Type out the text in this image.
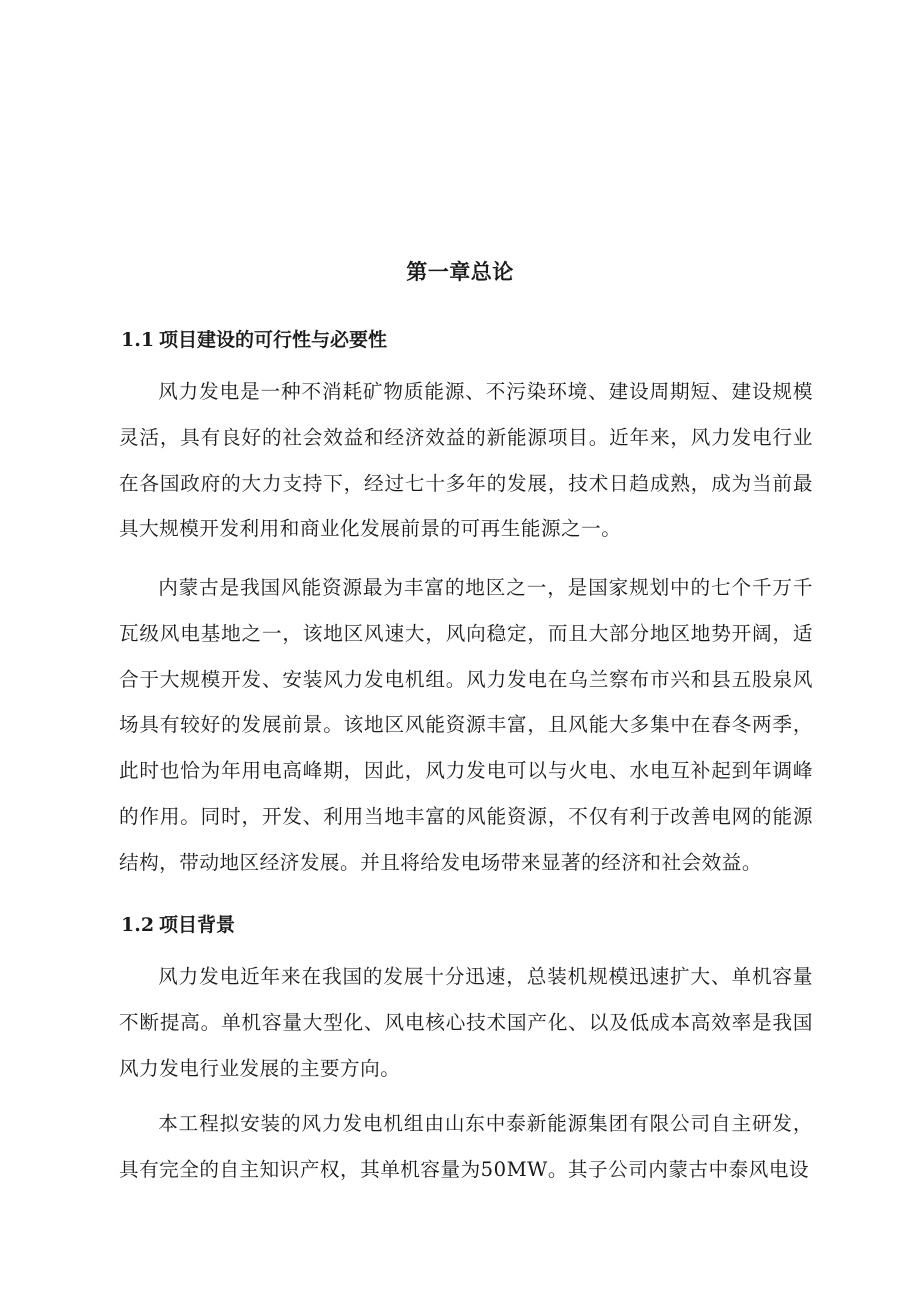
第一章总论
1.1 项目建设的可行性与必要性

风力发电是一种不消耗矿物质能源、不污染环境、建设周期短、建设规模灵活，具有良好的社会效益和经济效益的新能源项目。近年来，风力发电行业在各国政府的大力支持下，经过七十多年的发展，技术日趋成熟，成为当前最具大规模开发利用和商业化发展前景的可再生能源之一。

内蒙古是我国风能资源最为丰富的地区之一，是国家规划中的七个千万千瓦级风电基地之一，该地区风速大，风向稳定，而且大部分地区地势开阔，适合于大规模开发、安装风力发电机组。风力发电在乌兰察布市兴和县五股泉风场具有较好的发展前景。该地区风能资源丰富，且风能大多集中在春冬两季，此时也恰为年用电高峰期，因此，风力发电可以与火电、水电互补起到年调峰的作用。同时，开发、利用当地丰富的风能资源，不仅有利于改善电网的能源结构，带动地区经济发展。并且将给发电场带来显著的经济和社会效益。

1.2 项目背景

风力发电近年来在我国的发展十分迅速，总装机规模迅速扩大、单机容量不断提高。单机容量大型化、风电核心技术国产化、以及低成本高效率是我国风力发电行业发展的主要方向。

本工程拟安装的风力发电机组由山东中泰新能源集团有限公司自主研发，具有完全的自主知识产权，其单机容量为50MW。其子公司内蒙古中泰风电设
